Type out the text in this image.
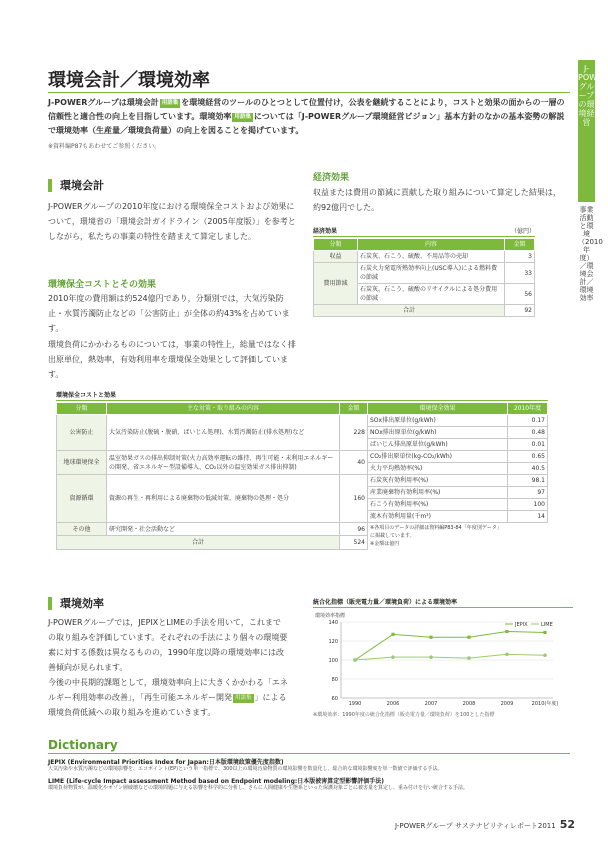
J-POWERグループの環境経営
事業活動と環境（2010年度）／環境会計／環境効率
環境会計／環境効率
J-POWERグループは環境会計 用語集 を環境経営のツールのひとつとして位置付け，公表を継続することにより，コストと効果の面からの一層の信頼性と適合性の向上を目指しています。環境効率 用語集 については「J-POWERグループ環境経営ビジョン」基本方針のなかの基本姿勢の解説で環境効率（生産量／環境負荷量）の向上を図ることを掲げています。
※資料編P87もあわせてご参照ください。
環境会計
J-POWERグループの2010年度における環境保全コストおよび効果について，環境省の「環境会計ガイドライン（2005年度版）」を参考としながら，私たちの事業の特性を踏まえて算定しました。
環境保全コストとその効果
2010年度の費用額は約524億円であり，分類別では，大気汚染防止・水質汚濁防止などの「公害防止」が全体の約43%を占めています。
環境負荷にかかわるものについては，事業の特性上，総量ではなく排出原単位，熱効率，有効利用率を環境保全効果として評価しています。
経済効果
収益または費用の節減に貢献した取り組みについて算定した結果は，約92億円でした。
経済効果	（億円）
分類	内容	金額
収益	石炭灰、石こう、硫酸、不用品等の売却	3
費用節減	石炭火力発電所熱効率向上(USC導入)による燃料費の節減	33
	石炭灰、石こう、硫酸のリサイクルによる処分費用の節減	56
合計		92
環境保全コストと効果
分類	主な対策・取り組みの内容	金額	環境保全効果	2010年度
公害防止	大気汚染防止(脱硫・脱硝、ばいじん処理)、水質汚濁防止(排水処理)など	228	SOx排出原単位(g/kWh)	0.17
			NOx排出原単位(g/kWh)	0.48
			ばいじん排出原単位(g/kWh)	0.01
地球環境保全	温室効果ガスの排出抑制対策(火力高効率運転の維持、再生可能・未利用エネルギーの開発、省エネルギー型設備導入、CO₂以外の温室効果ガス排出抑制)	40	CO₂排出原単位(kg-CO₂/kWh)	0.65
			火力平均熱効率(%)	40.5
資源循環	資源の再生・再利用による廃棄物の低減対策、廃棄物の処理・処分	160	石炭灰有効利用率(%)	98.1
			産業廃棄物有効利用率(%)	97
			石こう有効利用率(%)	100
			流木有効利用量(千m³)	14
その他	研究開発・社会活動など	96	※各項目のデータの詳細は資料編P83-84「年度別データ」に掲載しています。
※金額は億円	
合計		524		
環境効率
J-POWERグループでは，JEPIXとLIMEの手法を用いて，これまでの取り組みを評価しています。それぞれの手法により個々の環境要素に対する係数は異なるものの，1990年度以降の環境効率には改善傾向が見られます。
今後の中長期的課題として，環境効率向上に大きくかかわる「エネルギー利用効率の改善」，「再生可能エネルギー開発 用語集 」による環境負荷低減への取り組みを進めていきます。
統合化指標（販売電力量／環境負荷）による環境効率
環境効率指標
140
120
100
80
60
1990	2006	2007	2008	2009	2010(年度)
JEPIX	LIME
※環境効率：1990年度の統合化指標（販売電力量／環境負荷）を100とした指標
Dictionary
JEPIX (Environmental Priorities Index for Japan:日本版環境政策優先度指数)
大気汚染や水質汚濁などの環境影響を、エコポイント(EP)という単一指標で、300以上の環境汚染物質の環境影響を数量化し、総合的な環境影響度を単一数値で評価する手法。
LIME (Life-cycle Impact assessment Method based on Endpoint modeling:日本版被害算定型影響評価手法)
環境負荷物質が、温暖化やオゾン層破壊などの環境問題に与える影響を科学的に分析し、さらに人間健康や生態系といった保護対象ごとに被害量を算定し、重み付けを行い統合する手法。
J-POWERグループ サステナビリティレポート2011 52
